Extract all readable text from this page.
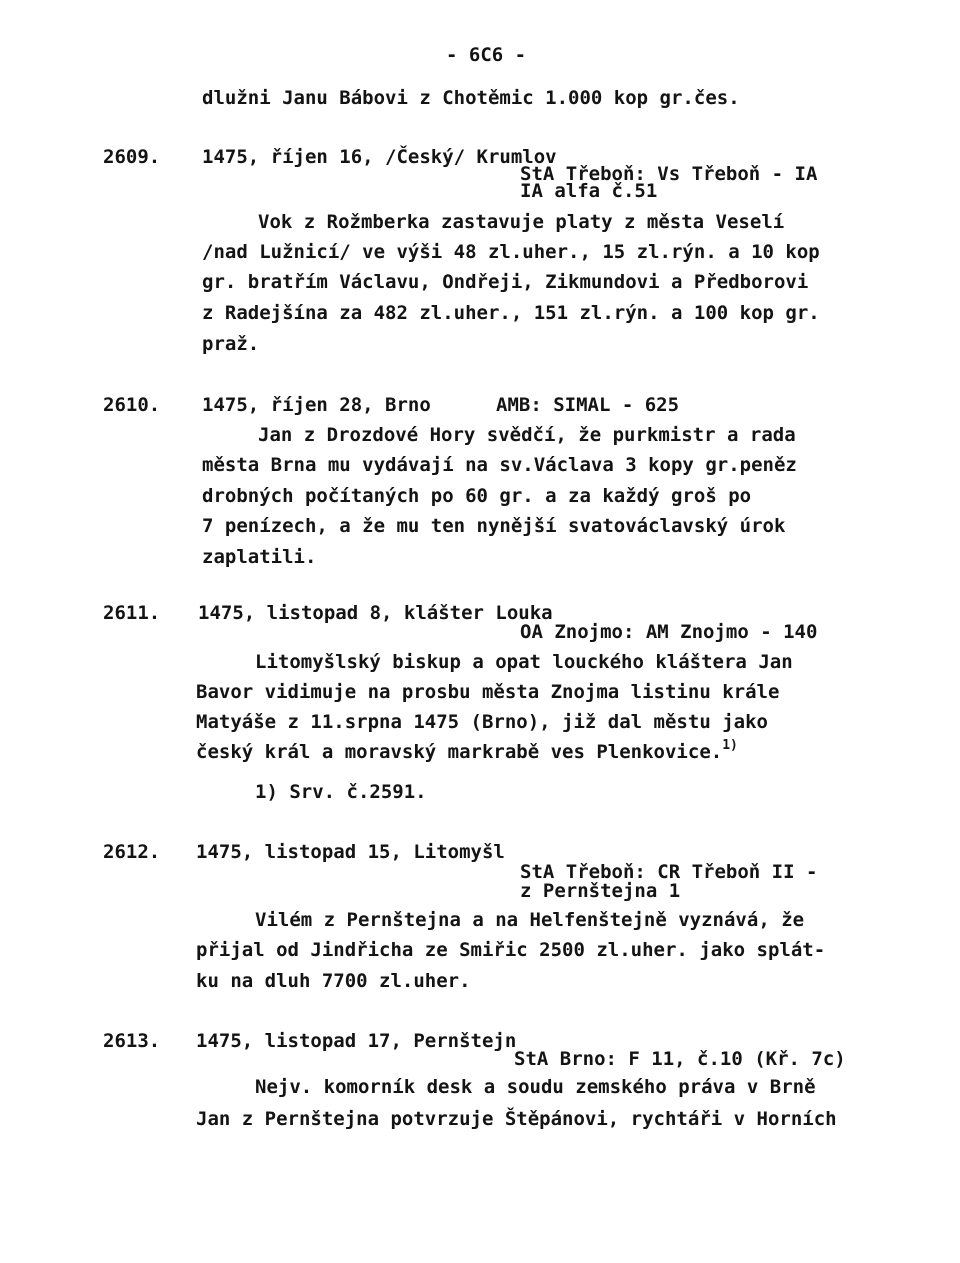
- 6C6 -
dlužni Janu Bábovi z Chotěmic 1.000 kop gr.čes.
2609. 1475, říjen 16, /Český/ Krumlov
StA Třeboň: Vs Třeboň - IA
IA alfa č.51
Vok z Rožmberka zastavuje platy z města Veselí
/nad Lužnicí/ ve výši 48 zl.uher., 15 zl.rýn. a 10 kop
gr. bratřím Václavu, Ondřeji, Zikmundovi a Předborovi
z Radejšína za 482 zl.uher., 151 zl.rýn. a 100 kop gr.
praž.
2610. 1475, říjen 28, Brno	AMB: SIMAL - 625
Jan z Drozdové Hory svědčí, že purkmistr a rada
města Brna mu vydávají na sv.Václava 3 kopy gr.peněz
drobných počítaných po 60 gr. a za každý groš po
7 penízech, a že mu ten nynější svatováclavský úrok
zaplatili.
2611. 1475, listopad 8, klášter Louka
OA Znojmo: AM Znojmo - 140
Litomyšlský biskup a opat louckého kláštera Jan
Bavor vidimuje na prosbu města Znojma listinu krále
Matyáše z 11.srpna 1475 (Brno), již dal městu jako
český král a moravský markrabě ves Plenkovice.$^{1)}$
1) Srv. č.2591.
2612. 1475, listopad 15, Litomyšl
StA Třeboň: CR Třeboň II -
z Pernštejna 1
Vilém z Pernštejna a na Helfenštejně vyznává, že
přijal od Jindřicha ze Smiřic 2500 zl.uher. jako splát-
ku na dluh 7700 zl.uher.
2613. 1475, listopad 17, Pernštejn
StA Brno: F 11, č.10 (Kř. 7c)
Nejv. komorník desk a soudu zemského práva v Brně
Jan z Pernštejna potvrzuje Štěpánovi, rychtáři v Horních
